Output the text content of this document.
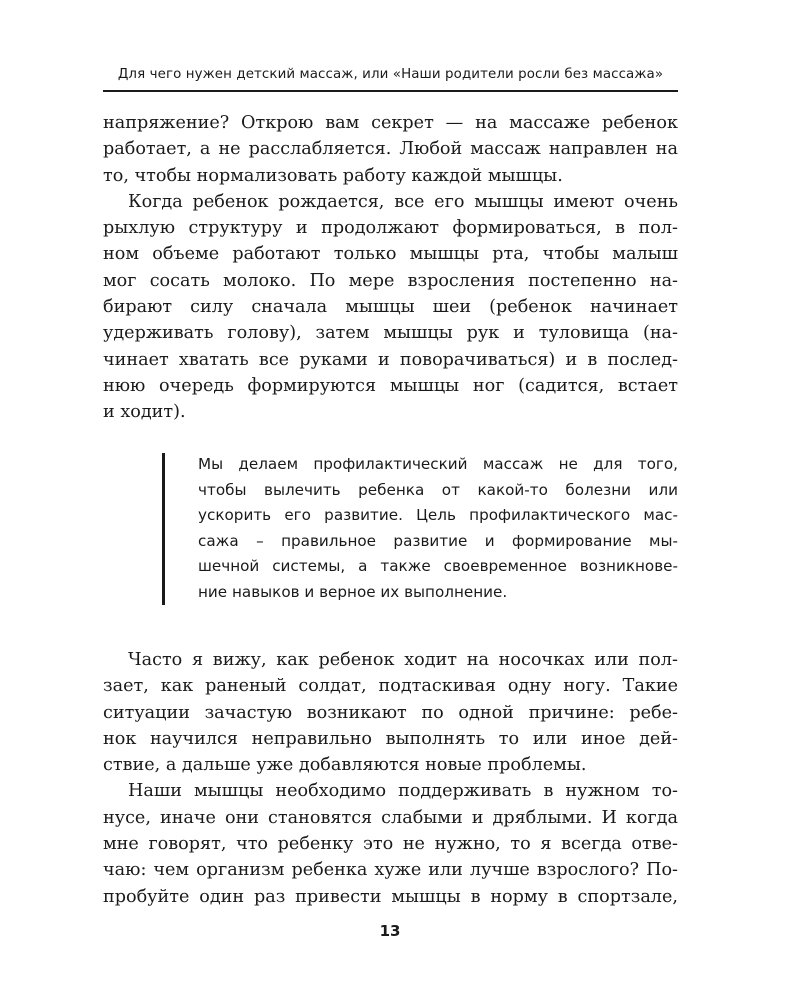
Для чего нужен детский массаж, или «Наши родители росли без массажа»
напряжение? Открою вам секрет — на массаже ребенок
работает, а не расслабляется. Любой массаж направлен на
то, чтобы нормализовать работу каждой мышцы.
Когда ребенок рождается, все его мышцы имеют очень
рыхлую структуру и продолжают формироваться, в пол-
ном объеме работают только мышцы рта, чтобы малыш
мог сосать молоко. По мере взросления постепенно на-
бирают силу сначала мышцы шеи (ребенок начинает
удерживать голову), затем мышцы рук и туловища (на-
чинает хватать все руками и поворачиваться) и в послед-
нюю очередь формируются мышцы ног (садится, встает
и ходит).
Мы делаем профилактический массаж не для того,
чтобы вылечить ребенка от какой-то болезни или
ускорить его развитие. Цель профилактического мас-
сажа – правильное развитие и формирование мы-
шечной системы, а также своевременное возникнове-
ние навыков и верное их выполнение.
Часто я вижу, как ребенок ходит на носочках или пол-
зает, как раненый солдат, подтаскивая одну ногу. Такие
ситуации зачастую возникают по одной причине: ребе-
нок научился неправильно выполнять то или иное дей-
ствие, а дальше уже добавляются новые проблемы.
Наши мышцы необходимо поддерживать в нужном то-
нусе, иначе они становятся слабыми и дряблыми. И когда
мне говорят, что ребенку это не нужно, то я всегда отве-
чаю: чем организм ребенка хуже или лучше взрослого? По-
пробуйте один раз привести мышцы в норму в спортзале,
13
